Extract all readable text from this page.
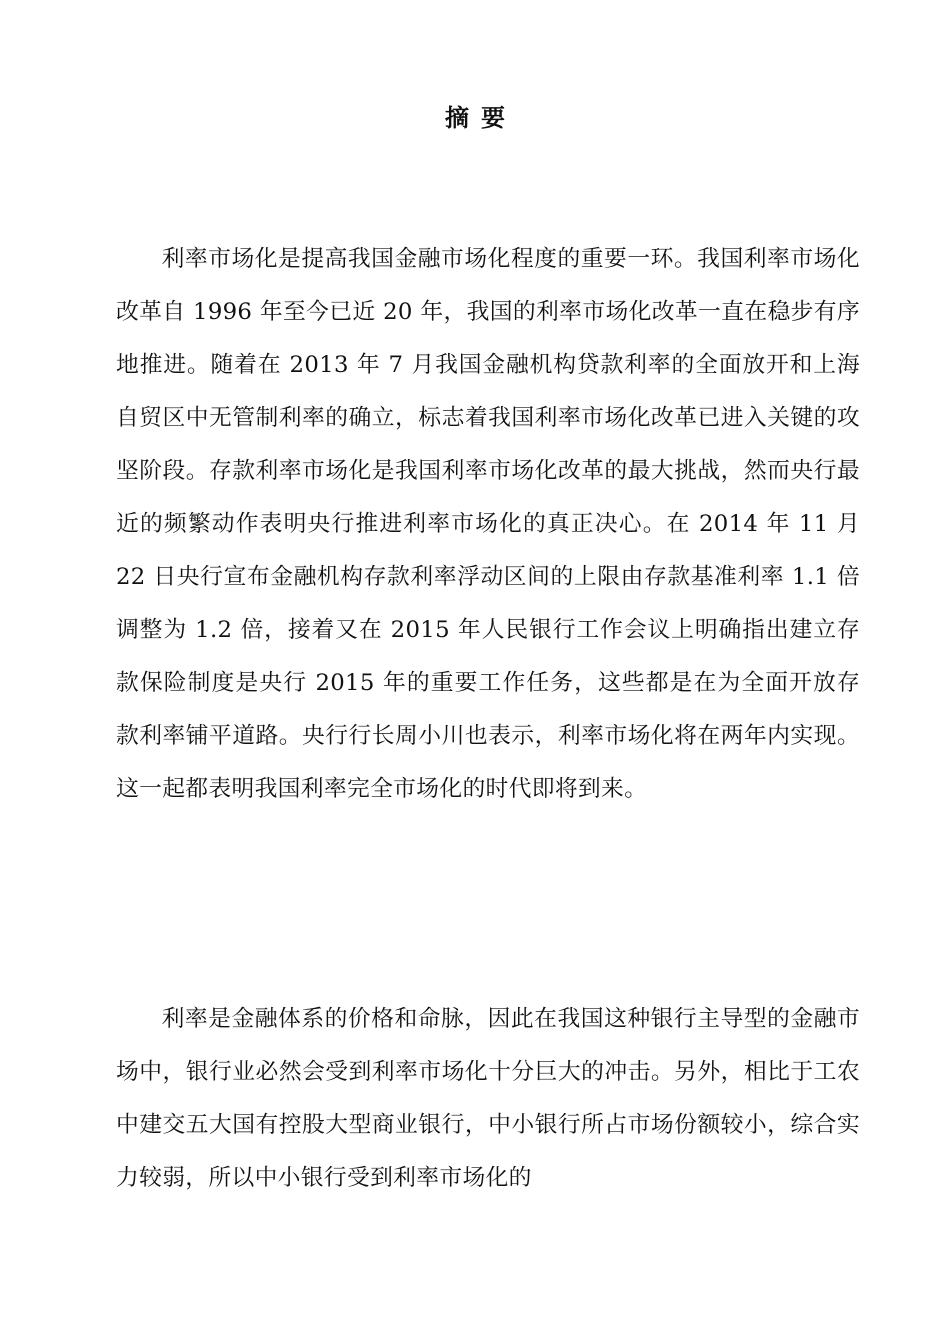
摘要

利率市场化是提高我国金融市场化程度的重要一环。我国利率市场化改革自 1996 年至今已近 20 年，我国的利率市场化改革一直在稳步有序地推进。随着在 2013 年 7 月我国金融机构贷款利率的全面放开和上海自贸区中无管制利率的确立，标志着我国利率市场化改革已进入关键的攻坚阶段。存款利率市场化是我国利率市场化改革的最大挑战，然而央行最近的频繁动作表明央行推进利率市场化的真正决心。在 2014 年 11 月 22 日央行宣布金融机构存款利率浮动区间的上限由存款基准利率 1.1 倍调整为 1.2 倍，接着又在 2015 年人民银行工作会议上明确指出建立存款保险制度是央行 2015 年的重要工作任务，这些都是在为全面开放存款利率铺平道路。央行行长周小川也表示，利率市场化将在两年内实现。这一起都表明我国利率完全市场化的时代即将到来。

利率是金融体系的价格和命脉，因此在我国这种银行主导型的金融市场中，银行业必然会受到利率市场化十分巨大的冲击。另外，相比于工农中建交五大国有控股大型商业银行，中小银行所占市场份额较小，综合实力较弱，所以中小银行受到利率市场化的
